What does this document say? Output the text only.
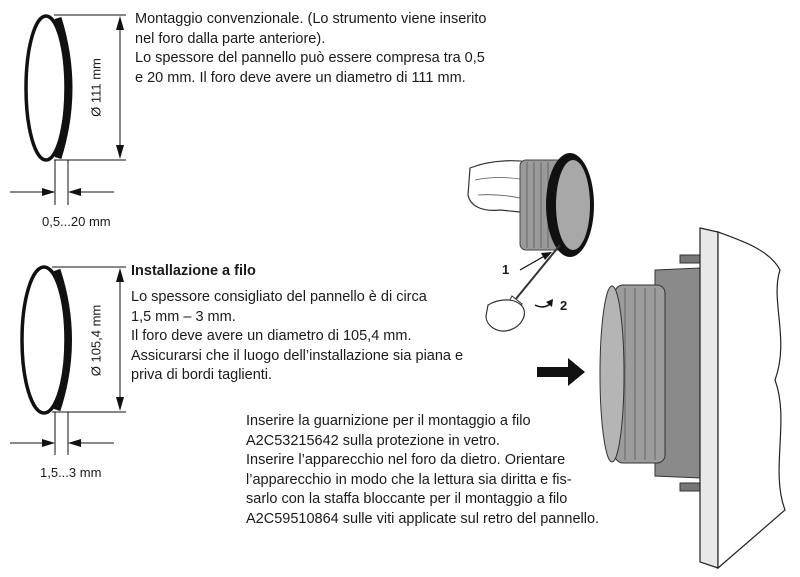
Montaggio convenzionale. (Lo strumento viene inserito
nel foro dalla parte anteriore).
Lo spessore del pannello può essere compresa tra 0,5
e 20 mm. Il foro deve avere un diametro di 111 mm.
Ø 111 mm
0,5...20 mm
Installazione a filo
Lo spessore consigliato del pannello è di circa
1,5 mm – 3 mm.
Il foro deve avere un diametro di 105,4 mm.
Assicurarsi che il luogo dell’installazione sia piana e
priva di bordi taglienti.
Ø 105,4 mm
1,5...3 mm
Inserire la guarnizione per il montaggio a filo
A2C53215642 sulla protezione in vetro.
Inserire l’apparecchio nel foro da dietro. Orientare
l’apparecchio in modo che la lettura sia diritta e fis-
sarlo con la staffa bloccante per il montaggio a filo
A2C59510864 sulle viti applicate sul retro del pannello.
1
2
